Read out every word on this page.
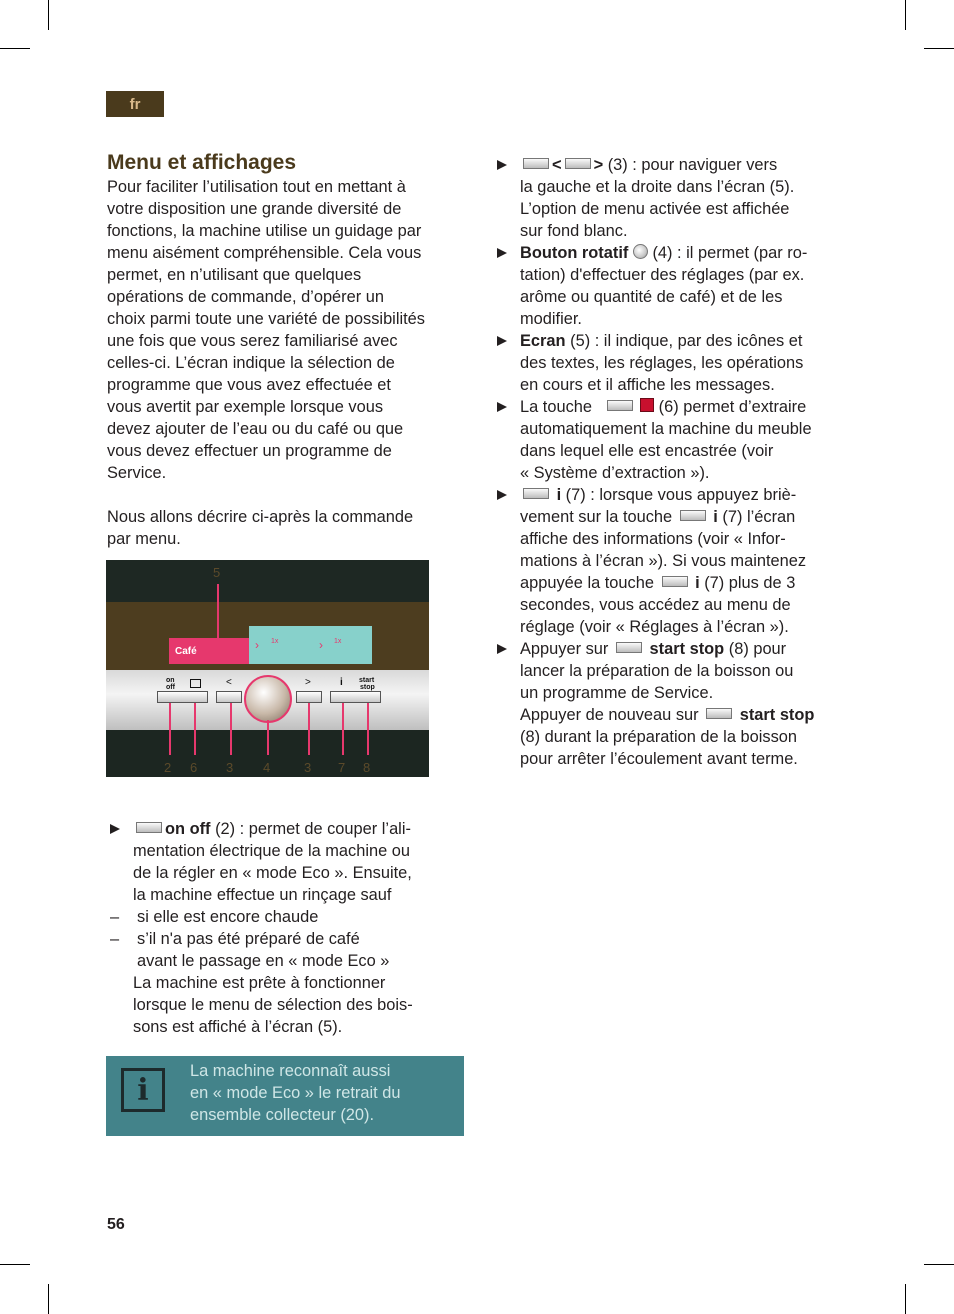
fr
Menu et affichages

Pour faciliter l’utilisation tout en mettant à

votre disposition une grande diversité de

fonctions, la machine utilise un guidage par

menu aisément compréhensible. Cela vous

permet, en n’utilisant que quelques

opérations de commande, d’opérer un

choix parmi toute une variété de possibilités

une fois que vous serez familiarisé avec

celles-ci. L’écran indique la sélection de

programme que vous avez effectuée et

vous avertit par exemple lorsque vous

devez ajouter de l’eau ou du café ou que

vous devez effectuer un programme de

Service.

Nous allons décrire ci-après la commande

par menu.

Café
1x	1x
›	›
5
on
off	<	>	i start
stop
2 6 3 4	3 7 8
on off (2) : permet de couper l’ali-
mentation électrique de la machine ou
de la régler en « mode Eco ». Ensuite,
la machine effectue un rinçage sauf
– si elle est encore chaude
– s’il n'a pas été préparé de café
avant le passage en « mode Eco »
La machine est prête à fonctionner
lorsque le menu de sélection des bois-
sons est affiché à l’écran (5).
i
La machine reconnaît aussi
en « mode Eco » le retrait du
ensemble collecteur (20).
< > (3) : pour naviguer vers
la gauche et la droite dans l’écran (5).
L’option de menu activée est affichée
sur fond blanc.
Bouton rotatif  (4) : il permet (par ro-
tation) d'effectuer des réglages (par ex.
arôme ou quantité de café) et de les
modifier.
Ecran (5) : il indique, par des icônes et
des textes, les réglages, les opérations
en cours et il affiche les messages.
La touche	(6) permet d’extraire
automatiquement la machine du meuble
dans lequel elle est encastrée (voir
« Système d’extraction »).
i (7) : lorsque vous appuyez briè-
vement sur la touche	i (7) l’écran
affiche des informations (voir « Infor-
mations à l’écran »). Si vous maintenez
appuyée la touche	i (7) plus de 3
secondes, vous accédez au menu de
réglage (voir « Réglages à l’écran »).
Appuyer sur	start stop (8) pour
lancer la préparation de la boisson ou
un programme de Service.
Appuyer de nouveau sur	start stop
(8) durant la préparation de la boisson
pour arrêter l’écoulement avant terme.
56
